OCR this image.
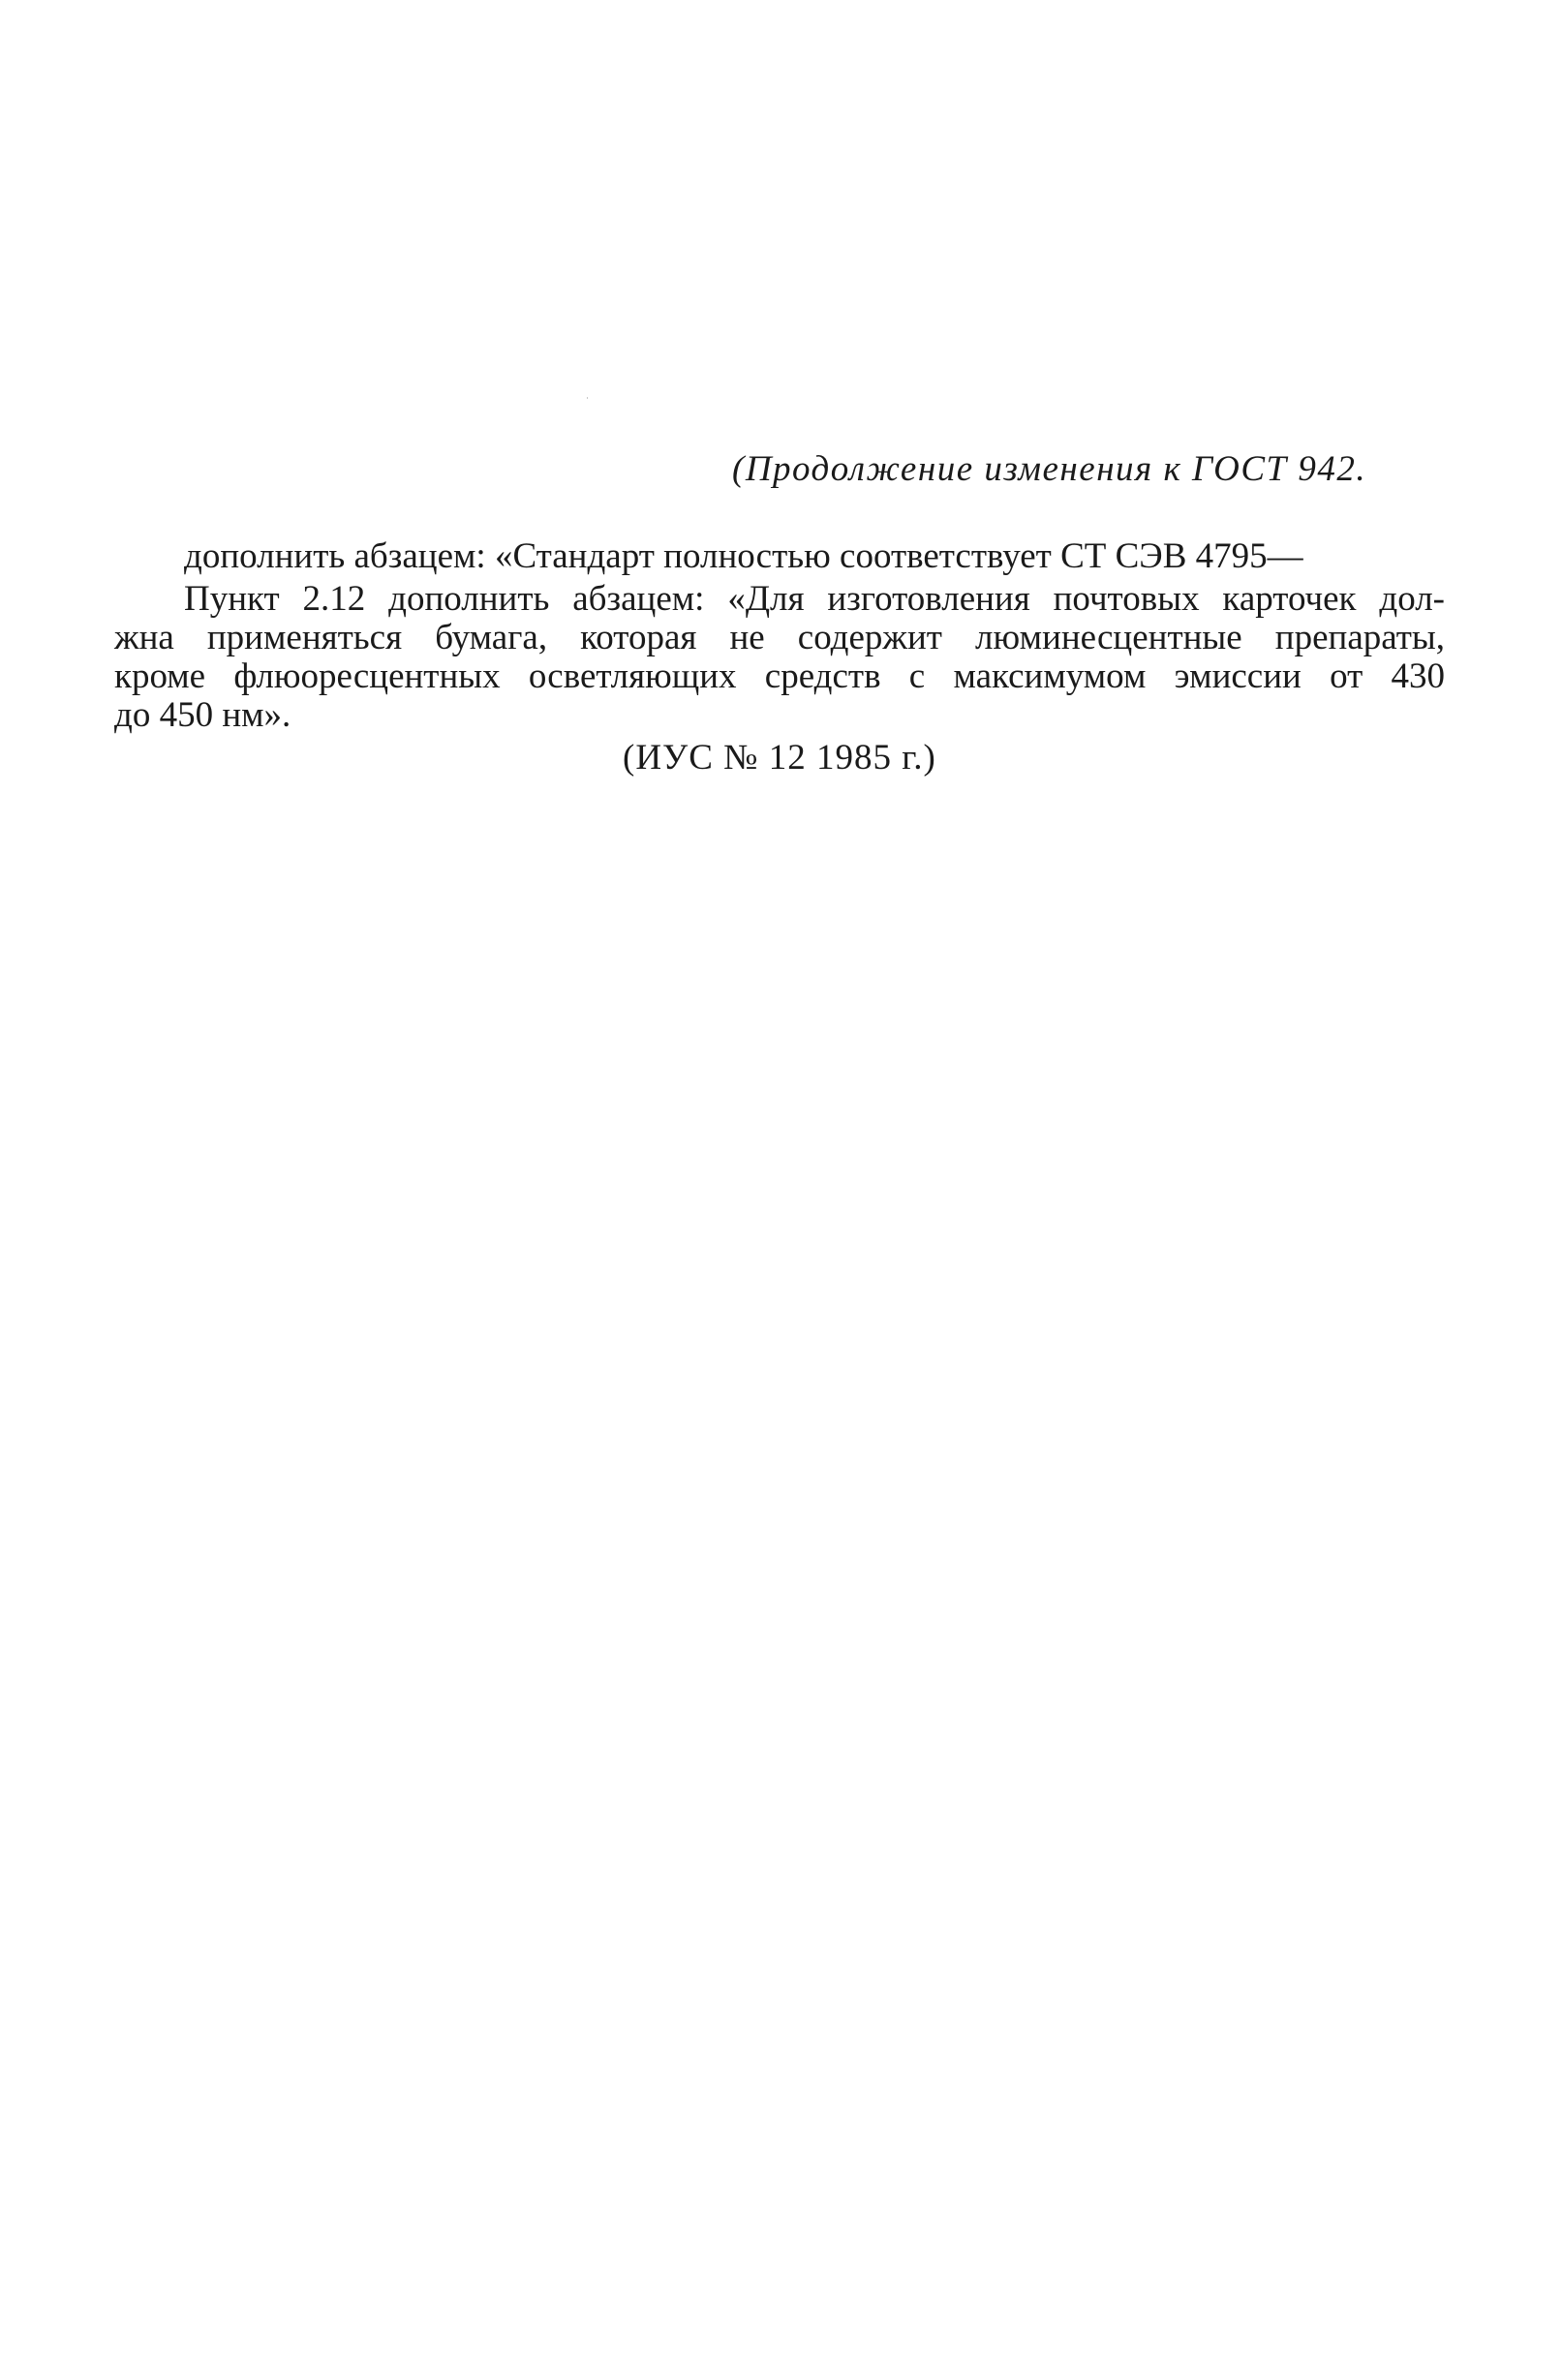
(Продолжение изменения к ГОСТ 942.
дополнить абзацем: «Стандарт полностью соответствует СТ СЭВ 4795—
Пункт 2.12 дополнить абзацем: «Для изготовления почтовых карточек дол-
жна применяться бумага, которая не содержит люминесцентные препараты,
кроме флюоресцентных осветляющих средств с максимумом эмиссии от 430
до 450 нм».
(ИУС № 12 1985 г.)
